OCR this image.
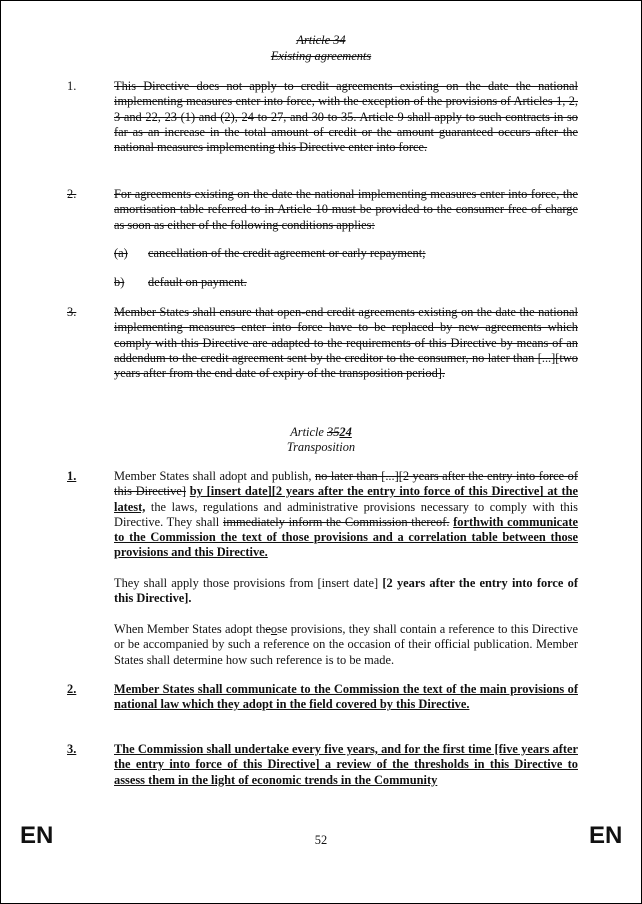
Article 34
Existing agreements
1.	This Directive does not apply to credit agreements existing on the date the national implementing measures enter into force, with the exception of the provisions of Articles 1, 2, 3 and 22, 23 (1) and (2), 24 to 27, and 30 to 35. Article 9 shall apply to such contracts in so far as an increase in the total amount of credit or the amount guaranteed occurs after the national measures implementing this Directive enter into force.
2.	For agreements existing on the date the national implementing measures enter into force, the amortisation table referred to in Article 10 must be provided to the consumer free of charge as soon as either of the following conditions applies:
(a)	cancellation of the credit agreement or early repayment;
b)	default on payment.
3.	Member States shall ensure that open-end credit agreements existing on the date the national implementing measures enter into force have to be replaced by new agreements which comply with this Directive are adapted to the requirements of this Directive by means of an addendum to the credit agreement sent by the creditor to the consumer, no later than [...][two years after from the end date of expiry of the transposition period].
Article 3524
Transposition
1.	Member States shall adopt and publish, no later than [...][2 years after the entry into force of this Directive] by [insert date][2 years after the entry into force of this Directive] at the latest, the laws, regulations and administrative provisions necessary to comply with this Directive. They shall immediately inform the Commission thereof. forthwith communicate to the Commission the text of those provisions and a correlation table between those provisions and this Directive.
They shall apply those provisions from [insert date] [2 years after the entry into force of this Directive].
When Member States adopt theose provisions, they shall contain a reference to this Directive or be accompanied by such a reference on the occasion of their official publication. Member States shall determine how such reference is to be made.
2.	Member States shall communicate to the Commission the text of the main provisions of national law which they adopt in the field covered by this Directive.
3.	The Commission shall undertake every five years, and for the first time [five years after the entry into force of this Directive] a review of the thresholds in this Directive to assess them in the light of economic trends in the Community
EN	52	EN
